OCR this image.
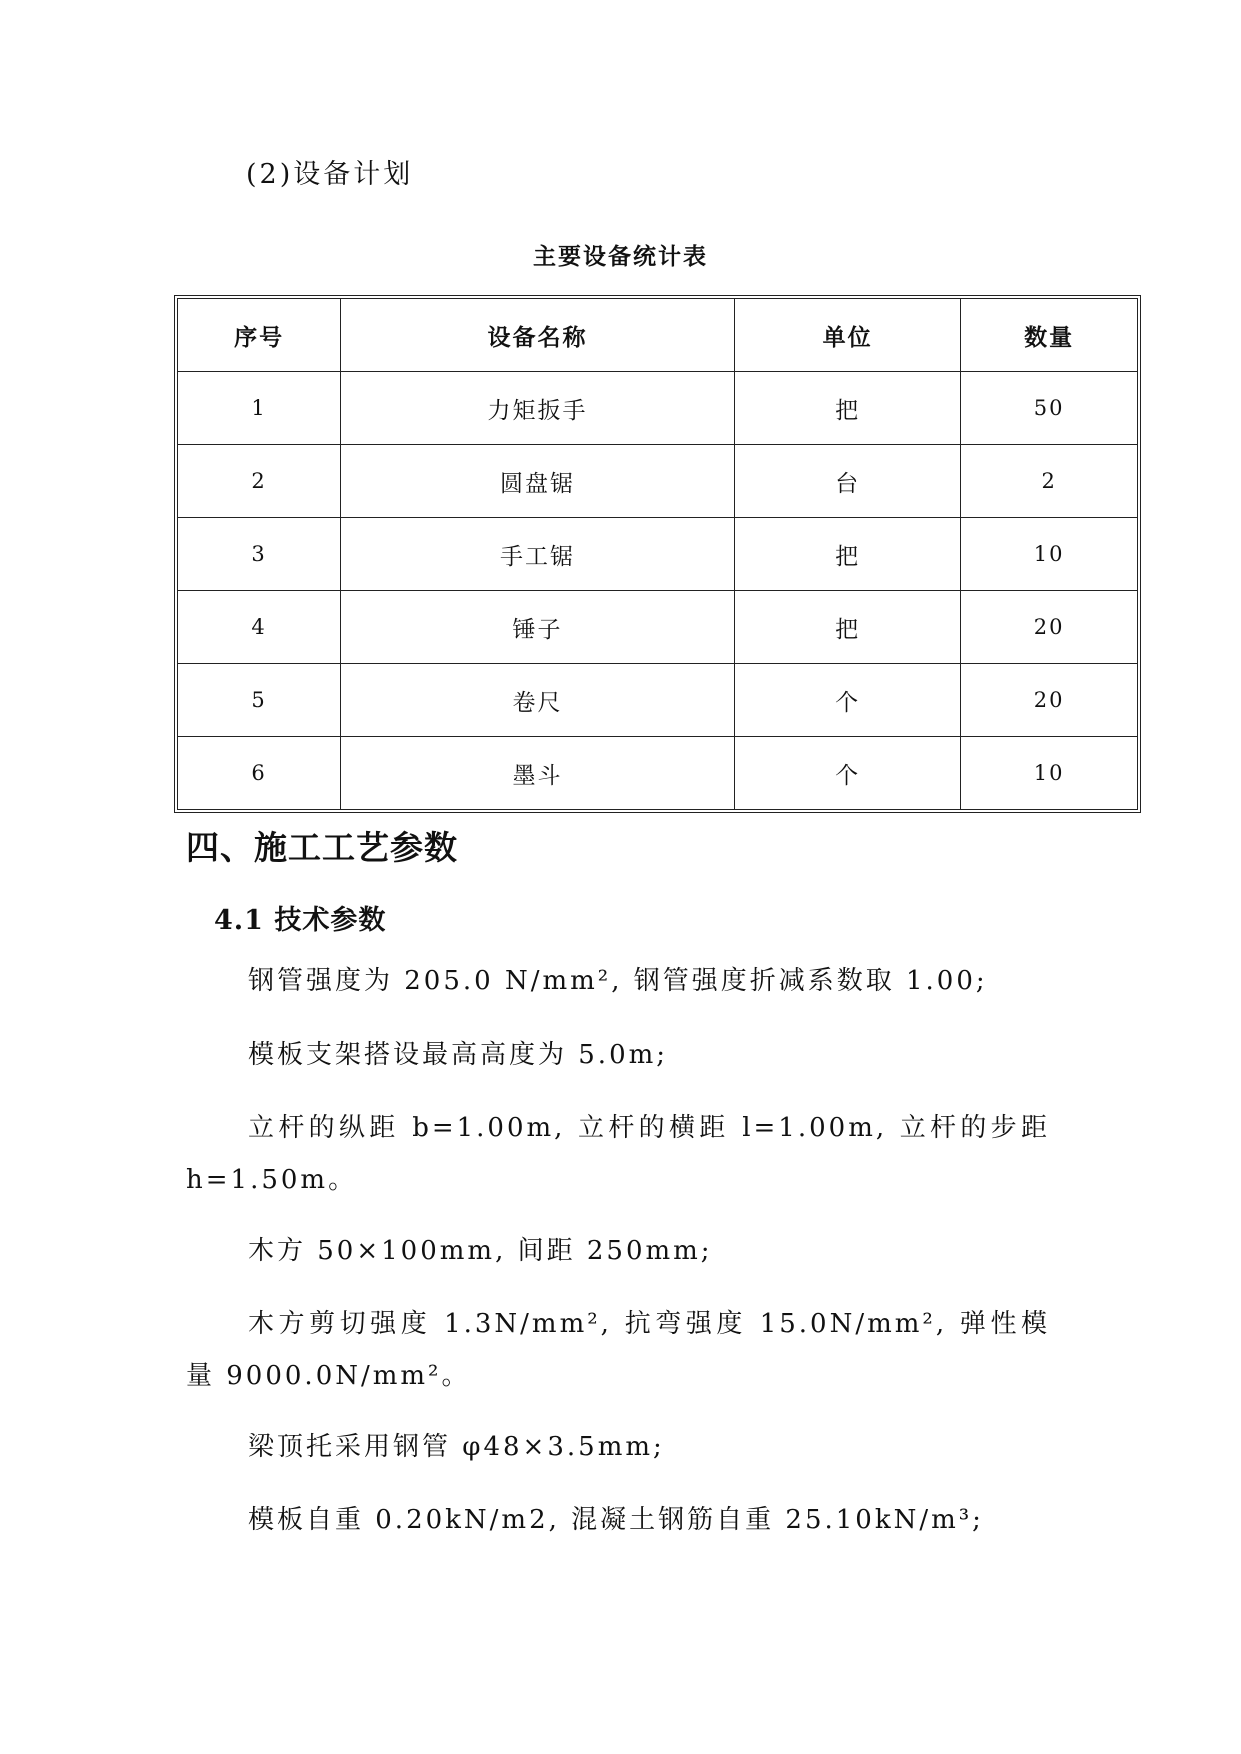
(2)设备计划

主要设备统计表

序号	设备名称	单位	数量
1	力矩扳手	把	50
2	圆盘锯	台	2
3	手工锯	把	10
4	锤子	把	20
5	卷尺	个	20
6	墨斗	个	10
四、施工工艺参数
4.1 技术参数

钢管强度为 205.0 N/mm², 钢管强度折减系数取 1.00;

模板支架搭设最高高度为 5.0m;

立杆的纵距 b=1.00m, 立杆的横距 l=1.00m, 立杆的步距 h=1.50m。

木方 50×100mm, 间距 250mm;

木方剪切强度 1.3N/mm², 抗弯强度 15.0N/mm², 弹性模量 9000.0N/mm²。

梁顶托采用钢管 φ48×3.5mm;

模板自重 0.20kN/m2, 混凝土钢筋自重 25.10kN/m³;
